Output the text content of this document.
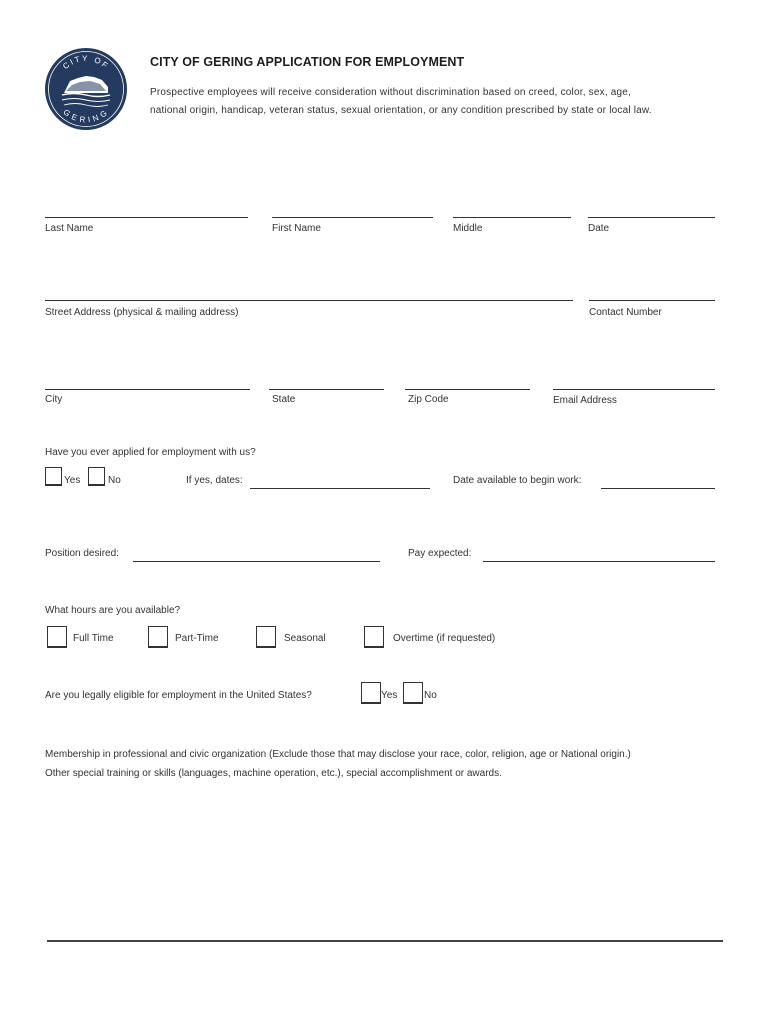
CITY OF
GERING
CITY OF GERING APPLICATION FOR EMPLOYMENT
Prospective employees will receive consideration without discrimination based on creed, color, sex, age,
national origin, handicap, veteran status, sexual orientation, or any condition prescribed by state or local law.
Last Name	First Name	Middle	Date
Street Address (physical & mailing address)	Contact Number
City	State	Zip Code	Email Address
Have you ever applied for employment with us?
Yes	No	If yes, dates:	Date available to begin work:
Position desired:	Pay expected:
What hours are you available?
Full Time	Part-Time	Seasonal	Overtime (if requested)
Are you legally eligible for employment in the United States?	Yes	No
Membership in professional and civic organization (Exclude those that may disclose your race, color, religion, age or National origin.)
Other special training or skills (languages, machine operation, etc.), special accomplishment or awards.
